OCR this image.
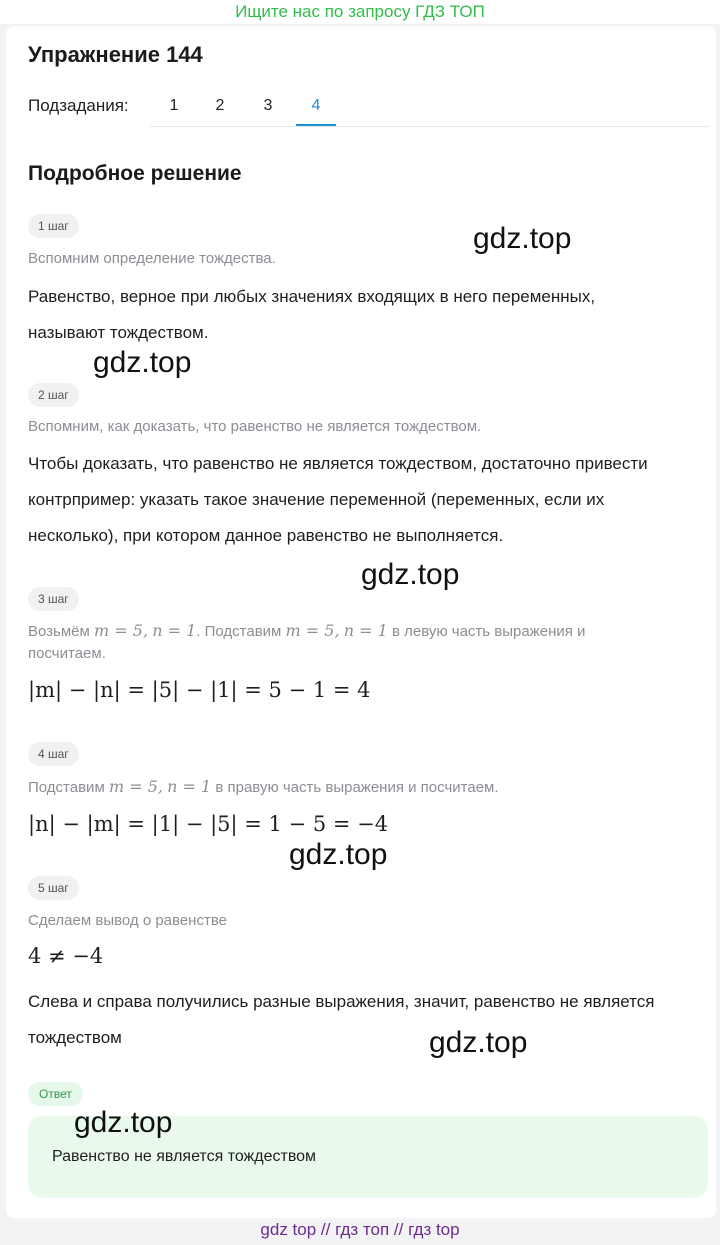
Ищите нас по запросу ГДЗ ТОП
Упражнение 144
Подзадания:	1	2	3	4
Подробное решение
1 шаг
Вспомним определение тождества.
Равенство, верное при любых значениях входящих в него переменных,
называют тождеством.
2 шаг
Вспомним, как доказать, что равенство не является тождеством.
Чтобы доказать, что равенство не является тождеством, достаточно привести
контрпример: указать такое значение переменной (переменных, если их
несколько), при котором данное равенство не выполняется.
3 шаг
Возьмём m = 5, n = 1. Подставим m = 5, n = 1 в левую часть выражения и
посчитаем.
|m| − |n| = |5| − |1| = 5 − 1 = 4
4 шаг
Подставим m = 5, n = 1 в правую часть выражения и посчитаем.
|n| − |m| = |1| − |5| = 1 − 5 = −4
5 шаг
Сделаем вывод о равенстве
4 ≠ −4
Слева и справа получились разные выражения, значит, равенство не является
тождеством
Ответ
Равенство не является тождеством
gdz.top
gdz.top
gdz.top
gdz.top
gdz.top
gdz.top
gdz top // гдз топ // гдз top
